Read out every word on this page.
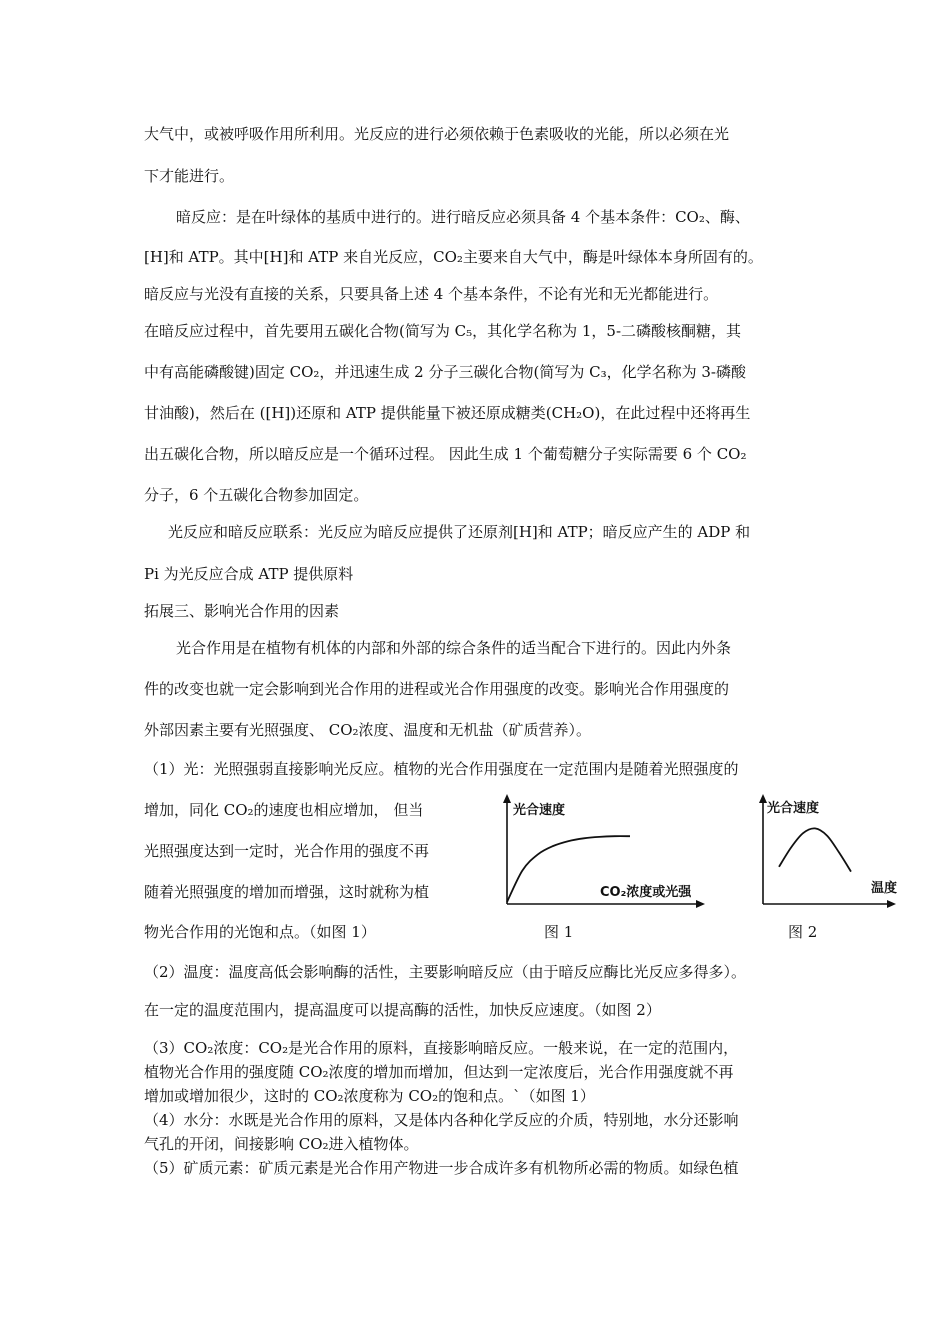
大气中，或被呼吸作用所利用。光反应的进行必须依赖于色素吸收的光能，所以必须在光
下才能进行。
暗反应：是在叶绿体的基质中进行的。进行暗反应必须具备 4 个基本条件：CO₂、酶、
[H]和 ATP。其中[H]和 ATP 来自光反应，CO₂主要来自大气中，酶是叶绿体本身所固有的。
暗反应与光没有直接的关系，只要具备上述 4 个基本条件，不论有光和无光都能进行。
在暗反应过程中，首先要用五碳化合物(简写为 C₅，其化学名称为 1，5-二磷酸核酮糖，其
中有高能磷酸键)固定 CO₂，并迅速生成 2 分子三碳化合物(简写为 C₃，化学名称为 3-磷酸
甘油酸)，然后在 ([H])还原和 ATP 提供能量下被还原成糖类(CH₂O)，在此过程中还将再生
出五碳化合物，所以暗反应是一个循环过程。 因此生成 1 个葡萄糖分子实际需要 6 个 CO₂
分子，6 个五碳化合物参加固定。
光反应和暗反应联系：光反应为暗反应提供了还原剂[H]和 ATP；暗反应产生的 ADP 和
Pi 为光反应合成 ATP 提供原料
拓展三、影响光合作用的因素
光合作用是在植物有机体的内部和外部的综合条件的适当配合下进行的。因此内外条
件的改变也就一定会影响到光合作用的进程或光合作用强度的改变。影响光合作用强度的
外部因素主要有光照强度、 CO₂浓度、温度和无机盐（矿质营养）。
（1）光：光照强弱直接影响光反应。植物的光合作用强度在一定范围内是随着光照强度的
增加，同化 CO₂的速度也相应增加， 但当
光照强度达到一定时，光合作用的强度不再
随着光照强度的增加而增强，这时就称为植
物光合作用的光饱和点。（如图 1）
光合速度
CO₂浓度或光强
光合速度
温度
图 1	图 2
（2）温度：温度高低会影响酶的活性，主要影响暗反应（由于暗反应酶比光反应多得多）。
在一定的温度范围内，提高温度可以提高酶的活性，加快反应速度。（如图 2）
（3）CO₂浓度：CO₂是光合作用的原料，直接影响暗反应。一般来说，在一定的范围内，
植物光合作用的强度随 CO₂浓度的增加而增加，但达到一定浓度后，光合作用强度就不再
增加或增加很少，这时的 CO₂浓度称为 CO₂的饱和点。`（如图 1）
（4）水分：水既是光合作用的原料，又是体内各种化学反应的介质，特别地，水分还影响
气孔的开闭，间接影响 CO₂进入植物体。
（5）矿质元素：矿质元素是光合作用产物进一步合成许多有机物所必需的物质。如绿色植
